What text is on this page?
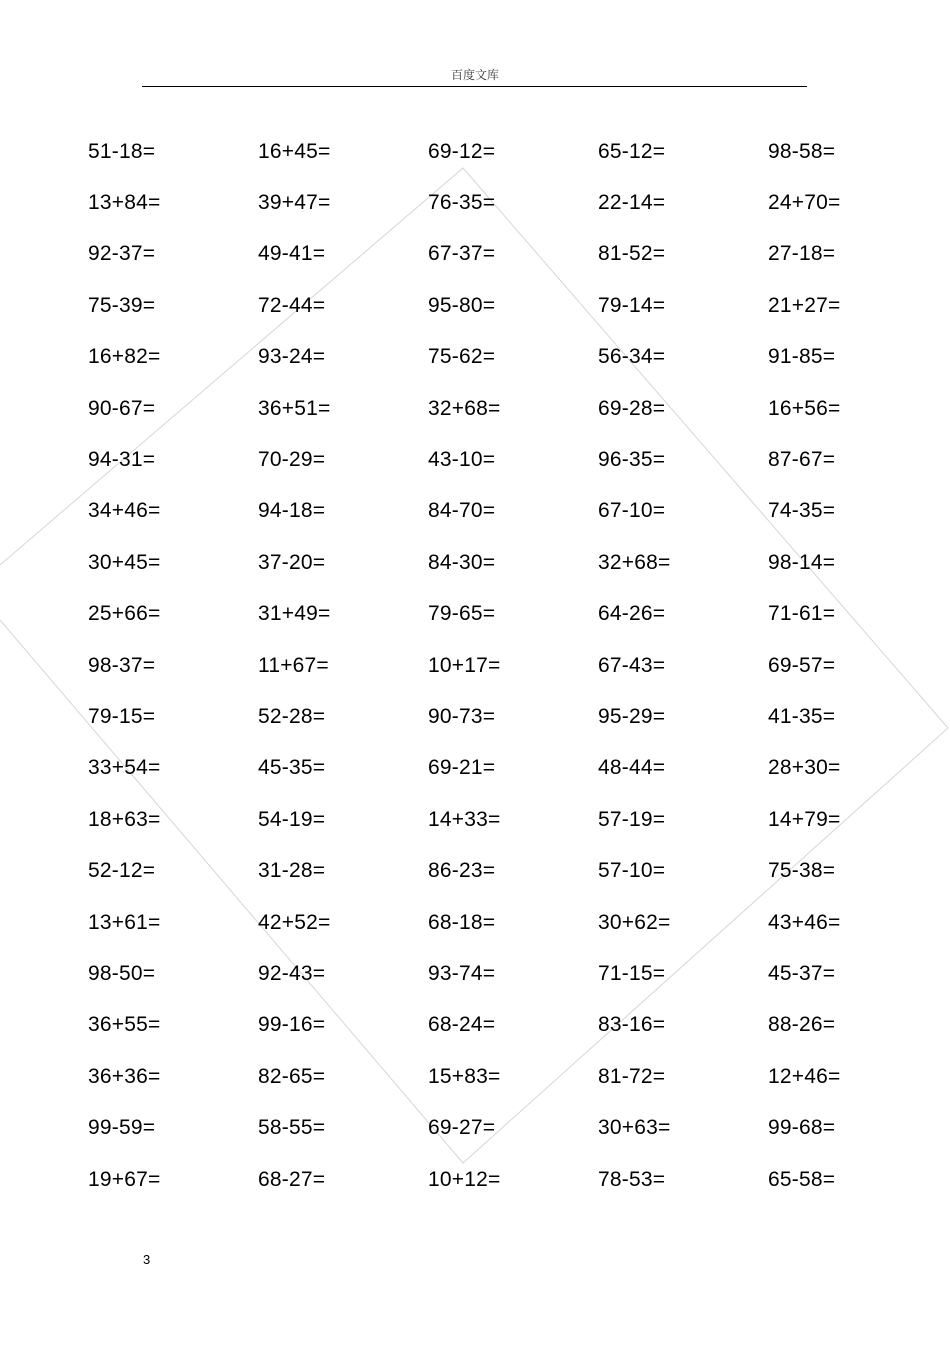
百度文库
51-18=	16+45=	69-12=	65-12=	98-58=
13+84=	39+47=	76-35=	22-14=	24+70=
92-37=	49-41=	67-37=	81-52=	27-18=
75-39=	72-44=	95-80=	79-14=	21+27=
16+82=	93-24=	75-62=	56-34=	91-85=
90-67=	36+51=	32+68=	69-28=	16+56=
94-31=	70-29=	43-10=	96-35=	87-67=
34+46=	94-18=	84-70=	67-10=	74-35=
30+45=	37-20=	84-30=	32+68=	98-14=
25+66=	31+49=	79-65=	64-26=	71-61=
98-37=	11+67=	10+17=	67-43=	69-57=
79-15=	52-28=	90-73=	95-29=	41-35=
33+54=	45-35=	69-21=	48-44=	28+30=
18+63=	54-19=	14+33=	57-19=	14+79=
52-12=	31-28=	86-23=	57-10=	75-38=
13+61=	42+52=	68-18=	30+62=	43+46=
98-50=	92-43=	93-74=	71-15=	45-37=
36+55=	99-16=	68-24=	83-16=	88-26=
36+36=	82-65=	15+83=	81-72=	12+46=
99-59=	58-55=	69-27=	30+63=	99-68=
19+67=	68-27=	10+12=	78-53=	65-58=
3
